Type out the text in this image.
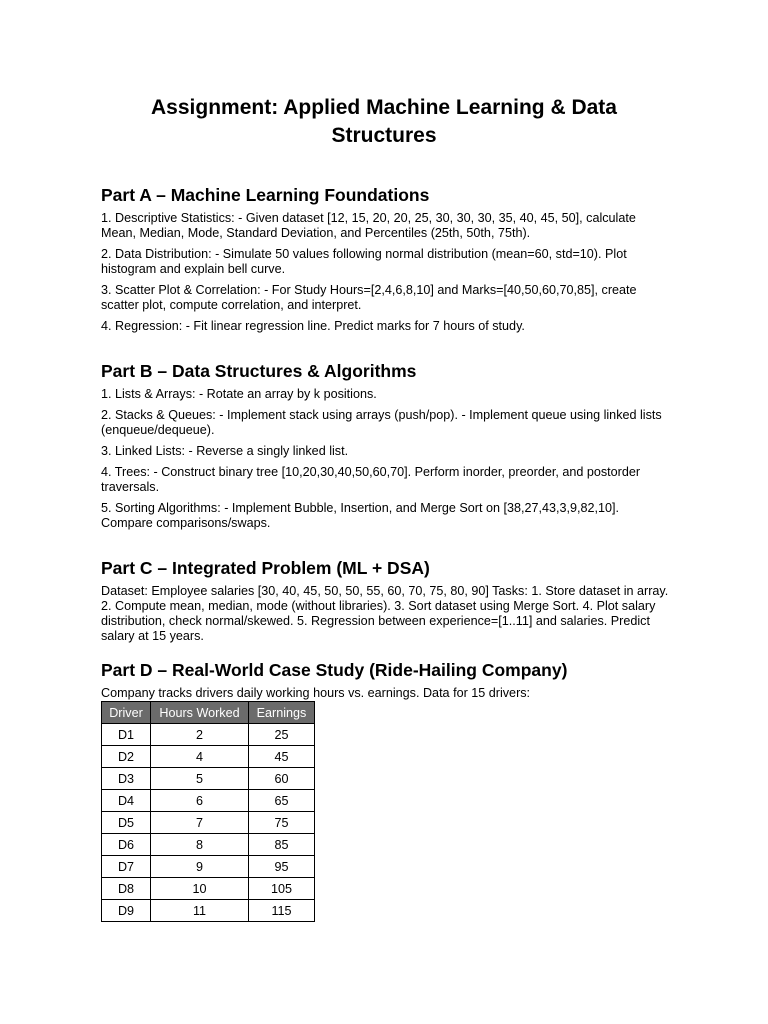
Assignment: Applied Machine Learning & Data Structures
Part A – Machine Learning Foundations

1. Descriptive Statistics: - Given dataset [12, 15, 20, 20, 25, 30, 30, 30, 35, 40, 45, 50], calculate Mean, Median, Mode, Standard Deviation, and Percentiles (25th, 50th, 75th).

2. Data Distribution: - Simulate 50 values following normal distribution (mean=60, std=10). Plot histogram and explain bell curve.

3. Scatter Plot & Correlation: - For Study Hours=[2,4,6,8,10] and Marks=[40,50,60,70,85], create scatter plot, compute correlation, and interpret.

4. Regression: - Fit linear regression line. Predict marks for 7 hours of study.

Part B – Data Structures & Algorithms

1. Lists & Arrays: - Rotate an array by k positions.

2. Stacks & Queues: - Implement stack using arrays (push/pop). - Implement queue using linked lists (enqueue/dequeue).

3. Linked Lists: - Reverse a singly linked list.

4. Trees: - Construct binary tree [10,20,30,40,50,60,70]. Perform inorder, preorder, and postorder traversals.

5. Sorting Algorithms: - Implement Bubble, Insertion, and Merge Sort on [38,27,43,3,9,82,10]. Compare comparisons/swaps.

Part C – Integrated Problem (ML + DSA)

Dataset: Employee salaries [30, 40, 45, 50, 50, 55, 60, 70, 75, 80, 90] Tasks: 1. Store dataset in array. 2. Compute mean, median, mode (without libraries). 3. Sort dataset using Merge Sort. 4. Plot salary distribution, check normal/skewed. 5. Regression between experience=[1..11] and salaries. Predict salary at 15 years.

Part D – Real-World Case Study (Ride-Hailing Company)

Company tracks drivers daily working hours vs. earnings. Data for 15 drivers:

Driver	Hours Worked	Earnings
D1	2	25
D2	4	45
D3	5	60
D4	6	65
D5	7	75
D6	8	85
D7	9	95
D8	10	105
D9	11	115
